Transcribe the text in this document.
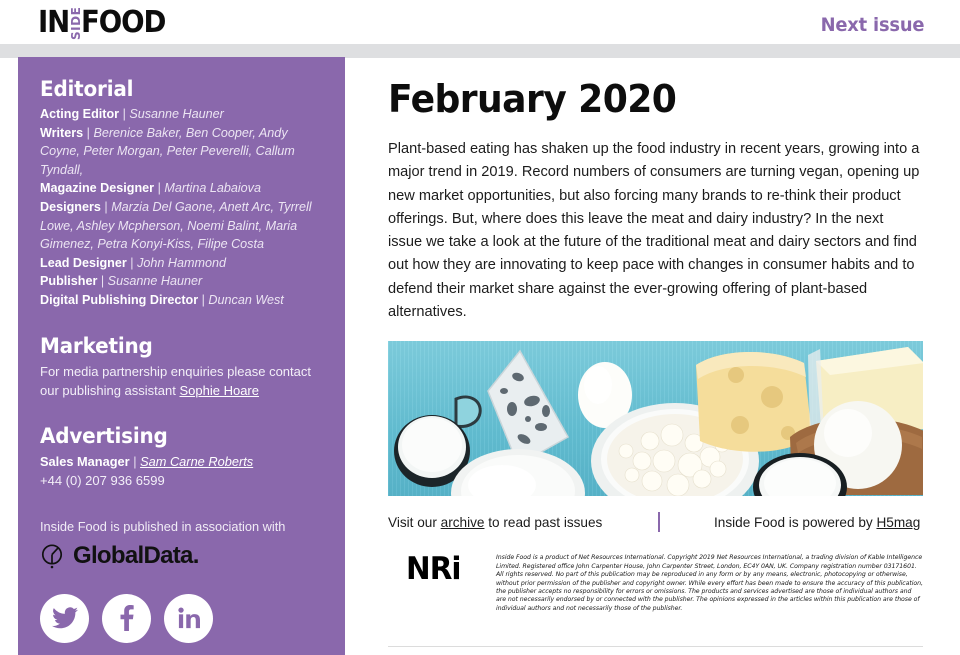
IN SIDE
FOOD	Next issue
Editorial
Acting Editor | Susanne Hauner
Writers | Berenice Baker, Ben Cooper, Andy Coyne, Peter Morgan, Peter Peverelli, Callum Tyndall,
Magazine Designer | Martina Labaiova
Designers | Marzia Del Gaone, Anett Arc, Tyrrell Lowe, Ashley Mcpherson, Noemi Balint, Maria Gimenez, Petra Konyi-Kiss, Filipe Costa
Lead Designer | John Hammond
Publisher | Susanne Hauner
Digital Publishing Director | Duncan West
Marketing
For media partnership enquiries please contact our publishing assistant Sophie Hoare
Advertising
Sales Manager | Sam Carne Roberts
+44 (0) 207 936 6599
Inside Food is published in association with
GlobalData.
February 2020
Plant-based eating has shaken up the food industry in recent years, growing into a major trend in 2019. Record numbers of consumers are turning vegan, opening up new market opportunities, but also forcing many brands to re-think their product offerings. But, where does this leave the meat and dairy industry? In the next issue we take a look at the future of the traditional meat and dairy sectors and find out how they are innovating to keep pace with changes in consumer habits and to defend their market share against the ever-growing offering of plant-based alternatives.
Visit our archive to read past issues	Inside Food is powered by H5mag
NRi	Inside Food is a product of Net Resources International. Copyright 2019 Net Resources International, a trading division of Kable Intelligence Limited. Registered office John Carpenter House, John Carpenter Street, London, EC4Y 0AN, UK. Company registration number 03171601. All rights reserved. No part of this publication may be reproduced in any form or by any means, electronic, photocopying or otherwise, without prior permission of the publisher and copyright owner. While every effort has been made to ensure the accuracy of this publication, the publisher accepts no responsibility for errors or omissions. The products and services advertised are those of individual authors and are not necessarily endorsed by or connected with the publisher. The opinions expressed in the articles within this publication are those of individual authors and not necessarily those of the publisher.
